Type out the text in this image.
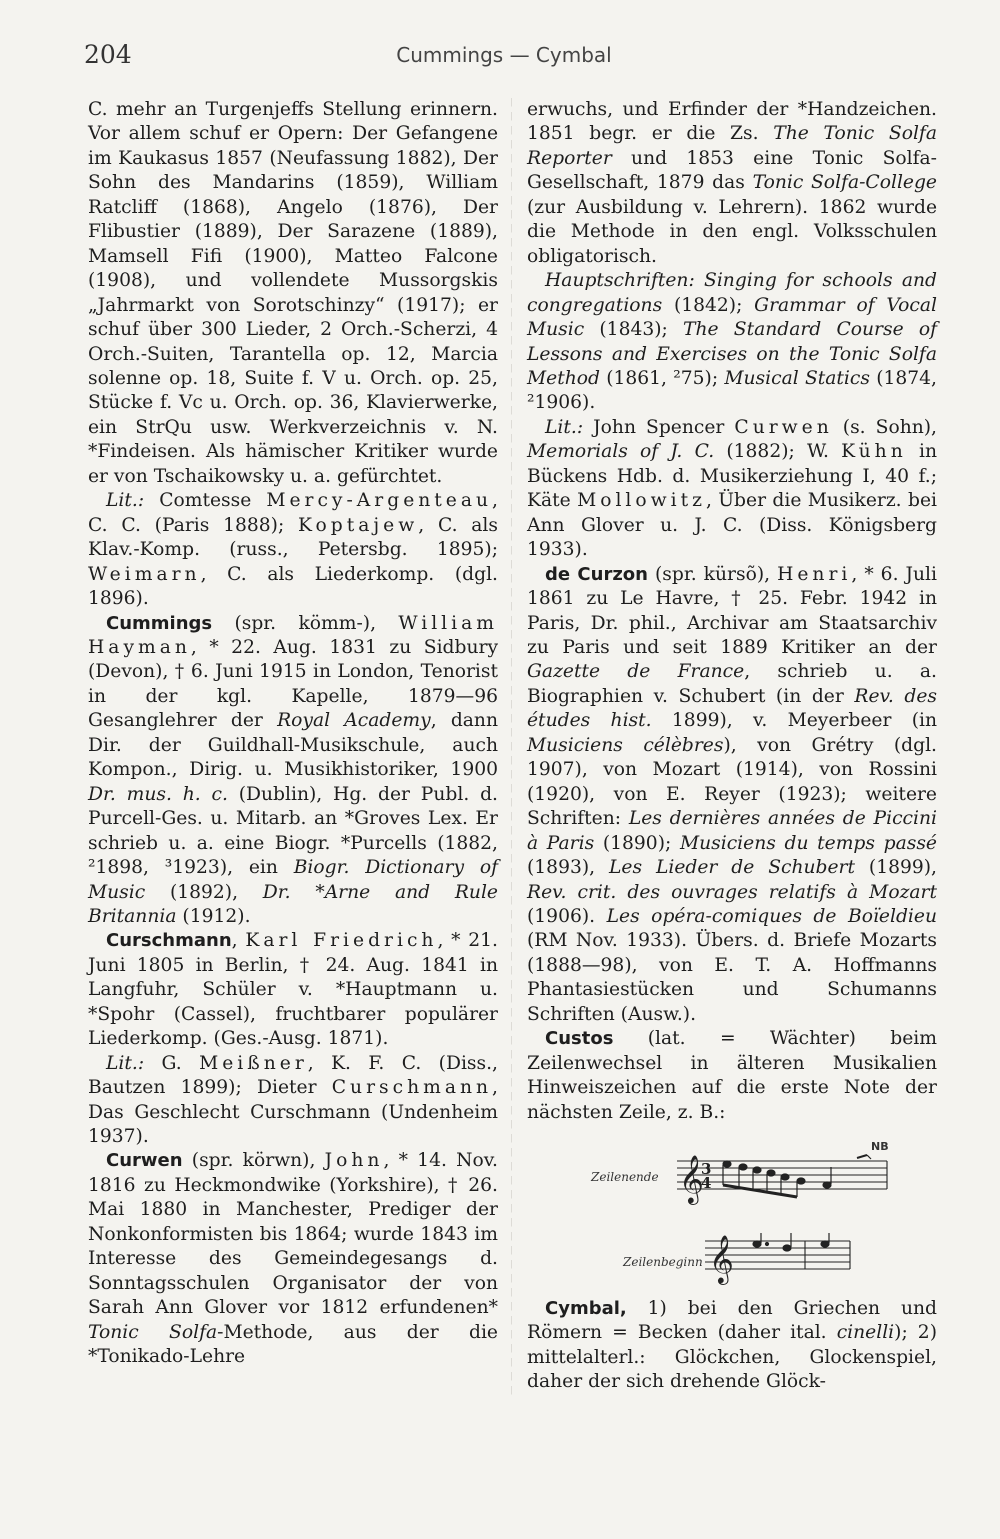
204	Cummings — Cymbal

C. mehr an Turgenjeffs Stellung erinnern. Vor allem schuf er Opern: Der Gefangene im Kaukasus 1857 (Neufassung 1882), Der Sohn des Mandarins (1859), William Ratcliff (1868), Angelo (1876), Der Flibustier (1889), Der Sarazene (1889), Mamsell Fifi (1900), Matteo Falcone (1908), und vollendete Mussorgskis „Jahrmarkt von Sorotschinzy“ (1917); er schuf über 300 Lieder, 2 Orch.-Scherzi, 4 Orch.-Suiten, Tarantella op. 12, Marcia solenne op. 18, Suite f. V u. Orch. op. 25, Stücke f. Vc u. Orch. op. 36, Klavierwerke, ein StrQu usw. Werkverzeichnis v. N. *Findeisen. Als hämischer Kritiker wurde er von Tschaikowsky u. a. gefürchtet.

Lit.: Comtesse Mercy-Argenteau, C. C. (Paris 1888); Koptajew, C. als Klav.-Komp. (russ., Petersbg. 1895); Weimarn, C. als Liederkomp. (dgl. 1896).

Cummings (spr. kömm-), William Hayman, * 22. Aug. 1831 zu Sidbury (Devon), † 6. Juni 1915 in London, Tenorist in der kgl. Kapelle, 1879—96 Gesanglehrer der Royal Academy, dann Dir. der Guildhall-Musikschule, auch Kompon., Dirig. u. Musikhistoriker, 1900 Dr. mus. h. c. (Dublin), Hg. der Publ. d. Purcell-Ges. u. Mitarb. an *Groves Lex. Er schrieb u. a. eine Biogr. *Purcells (1882, ²1898, ³1923), ein Biogr. Dictionary of Music (1892), Dr. *Arne and Rule Britannia (1912).

Curschmann, Karl Friedrich, * 21. Juni 1805 in Berlin, † 24. Aug. 1841 in Langfuhr, Schüler v. *Hauptmann u. *Spohr (Cassel), fruchtbarer populärer Liederkomp. (Ges.-Ausg. 1871).

Lit.: G. Meißner, K. F. C. (Diss., Bautzen 1899); Dieter Curschmann, Das Geschlecht Curschmann (Undenheim 1937).

Curwen (spr. körwn), John, * 14. Nov. 1816 zu Heckmondwike (Yorkshire), † 26. Mai 1880 in Manchester, Prediger der Nonkonformisten bis 1864; wurde 1843 im Interesse des Gemeindegesangs d. Sonntagsschulen Organisator der von Sarah Ann Glover vor 1812 erfundenen* Tonic Solfa-Methode, aus der die *Tonikado-Lehre

erwuchs, und Erfinder der *Handzeichen. 1851 begr. er die Zs. The Tonic Solfa Reporter und 1853 eine Tonic Solfa-Gesellschaft, 1879 das Tonic Solfa-College (zur Ausbildung v. Lehrern). 1862 wurde die Methode in den engl. Volksschulen obligatorisch.

Hauptschriften: Singing for schools and congregations (1842); Grammar of Vocal Music (1843); The Standard Course of Lessons and Exercises on the Tonic Solfa Method (1861, ²75); Musical Statics (1874, ²1906).

Lit.: John Spencer Curwen (s. Sohn), Memorials of J. C. (1882); W. Kühn in Bückens Hdb. d. Musikerziehung I, 40 f.; Käte Mollowitz, Über die Musikerz. bei Ann Glover u. J. C. (Diss. Königsberg 1933).

de Curzon (spr. kürsõ), Henri, * 6. Juli 1861 zu Le Havre, † 25. Febr. 1942 in Paris, Dr. phil., Archivar am Staatsarchiv zu Paris und seit 1889 Kritiker an der Gazette de France, schrieb u. a. Biographien v. Schubert (in der Rev. des études hist. 1899), v. Meyerbeer (in Musiciens célèbres), von Grétry (dgl. 1907), von Mozart (1914), von Rossini (1920), von E. Reyer (1923); weitere Schriften: Les dernières années de Piccini à Paris (1890); Musiciens du temps passé (1893), Les Lieder de Schubert (1899), Rev. crit. des ouvrages relatifs à Mozart (1906). Les opéra-comiques de Boïeldieu (RM Nov. 1933). Übers. d. Briefe Mozarts (1888—98), von E. T. A. Hoffmanns Phantasiestücken und Schumanns Schriften (Ausw.).

Custos (lat. = Wächter) beim Zeilenwechsel in älteren Musikalien Hinweiszeichen auf die erste Note der nächsten Zeile, z. B.:

Zeilenende
Zeilenbeginn
NB
𝄞
3
4
𝄞

Cymbal, 1) bei den Griechen und Römern = Becken (daher ital. cinelli); 2) mittelalterl.: Glöckchen, Glockenspiel, daher der sich drehende Glöck-
